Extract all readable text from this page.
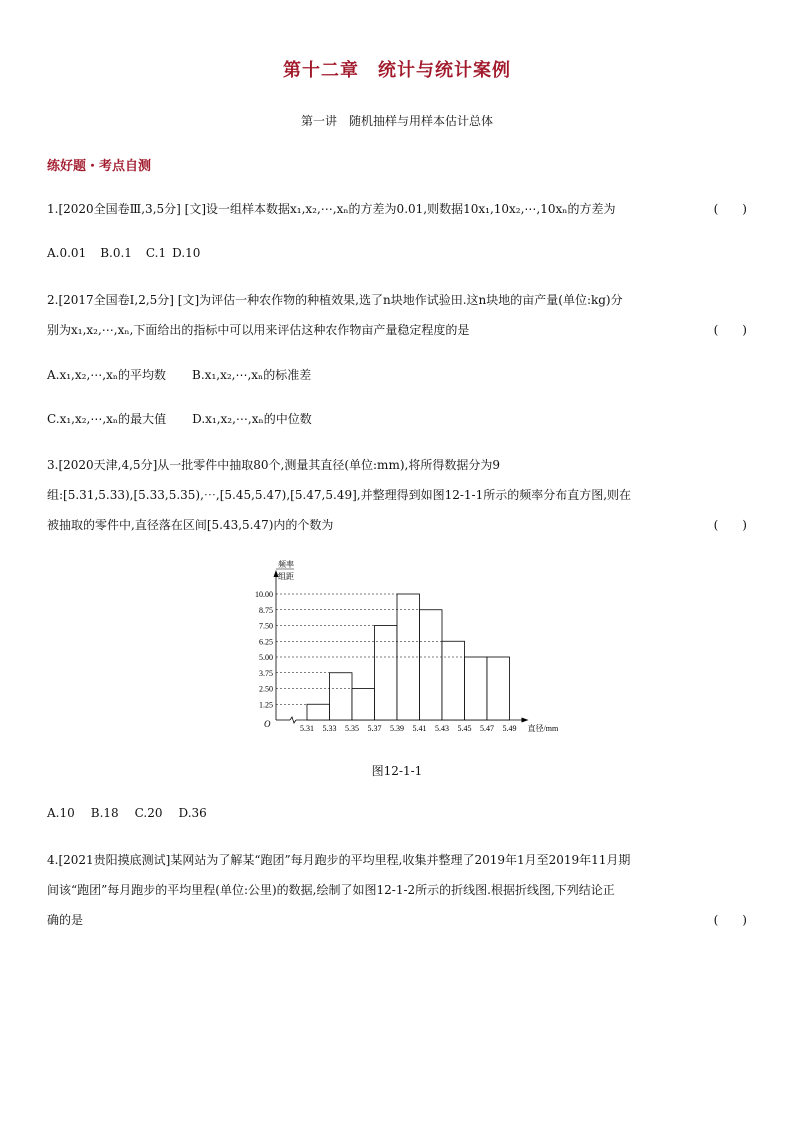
第十二章　统计与统计案例
第一讲　随机抽样与用样本估计总体
练好题・考点自测
1.[2020全国卷Ⅲ,3,5分] [文]设一组样本数据x₁,x₂,⋯,xₙ的方差为0.01,则数据10x₁,10x₂,⋯,10xₙ的方差为	(　　)
A.0.01 B.0.1 C.1 D.10
2.[2017全国卷Ⅰ,2,5分] [文]为评估一种农作物的种植效果,选了n块地作试验田.这n块地的亩产量(单位:kg)分
别为x₁,x₂,⋯,xₙ,下面给出的指标中可以用来评估这种农作物亩产量稳定程度的是	(　　)
A.x₁,x₂,⋯,xₙ的平均数 B.x₁,x₂,⋯,xₙ的标准差
C.x₁,x₂,⋯,xₙ的最大值 D.x₁,x₂,⋯,xₙ的中位数
3.[2020天津,4,5分]从一批零件中抽取80个,测量其直径(单位:mm),将所得数据分为9
组:[5.31,5.33),[5.33,5.35),⋯,[5.45,5.47),[5.47,5.49],并整理得到如图12-1-1所示的频率分布直方图,则在
被抽取的零件中,直径落在区间[5.43,5.47)内的个数为	(　　)
频率
组距
1.25
2.50
3.75
5.00
6.25
7.50
8.75
10.00
5.31 5.33 5.35 5.37 5.39 5.41 5.43 5.45 5.47 5.49 直径/mm
O
图12-1-1
A.10 B.18 C.20 D.36
4.[2021贵阳摸底测试]某网站为了解某“跑团”每月跑步的平均里程,收集并整理了2019年1月至2019年11月期
间该“跑团”每月跑步的平均里程(单位:公里)的数据,绘制了如图12-1-2所示的折线图.根据折线图,下列结论正
确的是	(　　)
